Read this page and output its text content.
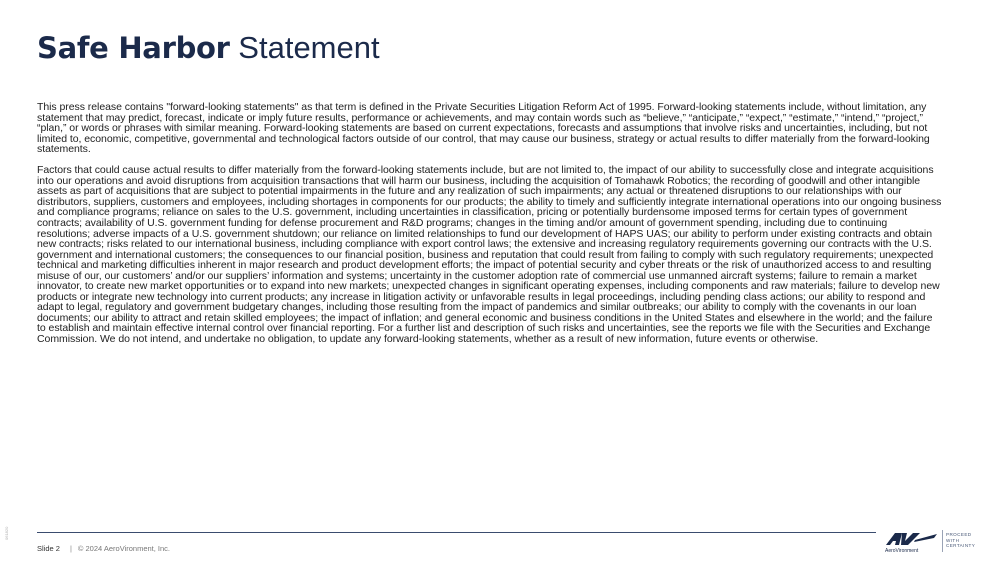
Safe Harbor Statement

This press release contains "forward-looking statements" as that term is defined in the Private Securities Litigation Reform Act of 1995. Forward-looking statements include, without limitation, any statement that may predict, forecast, indicate or imply future results, performance or achievements, and may contain words such as “believe,” “anticipate,” “expect,” “estimate,” “intend,” “project,” “plan,” or words or phrases with similar meaning. Forward-looking statements are based on current expectations, forecasts and assumptions that involve risks and uncertainties, including, but not limited to, economic, competitive, governmental and technological factors outside of our control, that may cause our business, strategy or actual results to differ materially from the forward-looking statements.

Factors that could cause actual results to differ materially from the forward-looking statements include, but are not limited to, the impact of our ability to successfully close and integrate acquisitions into our operations and avoid disruptions from acquisition transactions that will harm our business, including the acquisition of Tomahawk Robotics; the recording of goodwill and other intangible assets as part of acquisitions that are subject to potential impairments in the future and any realization of such impairments; any actual or threatened disruptions to our relationships with our distributors, suppliers, customers and employees, including shortages in components for our products; the ability to timely and sufficiently integrate international operations into our ongoing business and compliance programs; reliance on sales to the U.S. government, including uncertainties in classification, pricing or potentially burdensome imposed terms for certain types of government contracts; availability of U.S. government funding for defense procurement and R&D programs; changes in the timing and/or amount of government spending, including due to continuing resolutions; adverse impacts of a U.S. government shutdown; our reliance on limited relationships to fund our development of HAPS UAS; our ability to perform under existing contracts and obtain new contracts; risks related to our international business, including compliance with export control laws; the extensive and increasing regulatory requirements governing our contracts with the U.S. government and international customers; the consequences to our financial position, business and reputation that could result from failing to comply with such regulatory requirements; unexpected technical and marketing difficulties inherent in major research and product development efforts; the impact of potential security and cyber threats or the risk of unauthorized access to and resulting misuse of our, our customers’ and/or our suppliers’ information and systems; uncertainty in the customer adoption rate of commercial use unmanned aircraft systems; failure to remain a market innovator, to create new market opportunities or to expand into new markets; unexpected changes in significant operating expenses, including components and raw materials; failure to develop new products or integrate new technology into current products; any increase in litigation activity or unfavorable results in legal proceedings, including pending class actions; our ability to respond and adapt to legal, regulatory and government budgetary changes, including those resulting from the impact of pandemics and similar outbreaks; our ability to comply with the covenants in our loan documents; our ability to attract and retain skilled employees; the impact of inflation; and general economic and business conditions in the United States and elsewhere in the world; and the failure to establish and maintain effective internal control over financial reporting. For a further list and description of such risks and uncertainties, see the reports we file with the Securities and Exchange Commission. We do not intend, and undertake no obligation, to update any forward-looking statements, whether as a result of new information, future events or otherwise.

061820
Slide 2 | © 2024 AeroVironment, Inc.	AeroVironment
PROCEED
WITH
CERTAINTY
